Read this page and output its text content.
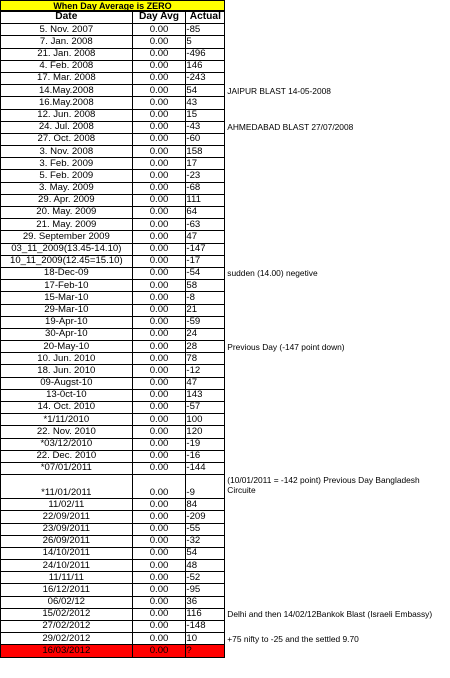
When Day Average is ZERO
Date	Day Avg	Actual	
5. Nov. 2007	0.00	-85	
7. Jan. 2008	0.00	5	
21. Jan. 2008	0.00	-496	
4. Feb. 2008	0.00	146	
17. Mar. 2008	0.00	-243	
14.May.2008	0.00	54	JAIPUR BLAST 14-05-2008
16.May.2008	0.00	43	
12. Jun. 2008	0.00	15	
24. Jul. 2008	0.00	-43	AHMEDABAD BLAST 27/07/2008
27. Oct. 2008	0.00	-60	
3. Nov. 2008	0.00	158	
3. Feb. 2009	0.00	17	
5. Feb. 2009	0.00	-23	
3. May. 2009	0.00	-68	
29. Apr. 2009	0.00	111	
20. May. 2009	0.00	64	
21. May. 2009	0.00	-63	
29. September 2009	0.00	47	
03_11_2009(13.45-14.10)	0.00	-147	
10_11_2009(12.45=15.10)	0.00	-17	
18-Dec-09	0.00	-54	sudden (14.00) negetive
17-Feb-10	0.00	58	
15-Mar-10	0.00	-8	
29-Mar-10	0.00	21	
19-Apr-10	0.00	-59	
30-Apr-10	0.00	24	
20-May-10	0.00	28	Previous Day (-147 point down)
10. Jun. 2010	0.00	78	
18. Jun. 2010	0.00	-12	
09-Augst-10	0.00	47	
13-0ct-10	0.00	143	
14. Oct. 2010	0.00	-57	
*1/11/2010	0.00	100	
22. Nov. 2010	0.00	120	
*03/12/2010	0.00	-19	
22. Dec. 2010	0.00	-16	
*07/01/2011	0.00	-144	
*11/01/2011	0.00	-9	(10/01/2011 = -142 point) Previous Day Bangladesh Circuite
11/02/11	0.00	84	
22/09/2011	0.00	-209	
23/09/2011	0.00	-55	
26/09/2011	0.00	-32	
14/10/2011	0.00	54	
24/10/2011	0.00	48	
11/11/11	0.00	-52	
16/12/2011	0.00	-95	
06/02/12	0.00	36	
15/02/2012	0.00	116	Delhi and then 14/02/12Bankok Blast (Israeli Embassy)
27/02/2012	0.00	-148	
29/02/2012	0.00	10	+75 nifty to -25 and the settled 9.70
16/03/2012	0.00	?	
